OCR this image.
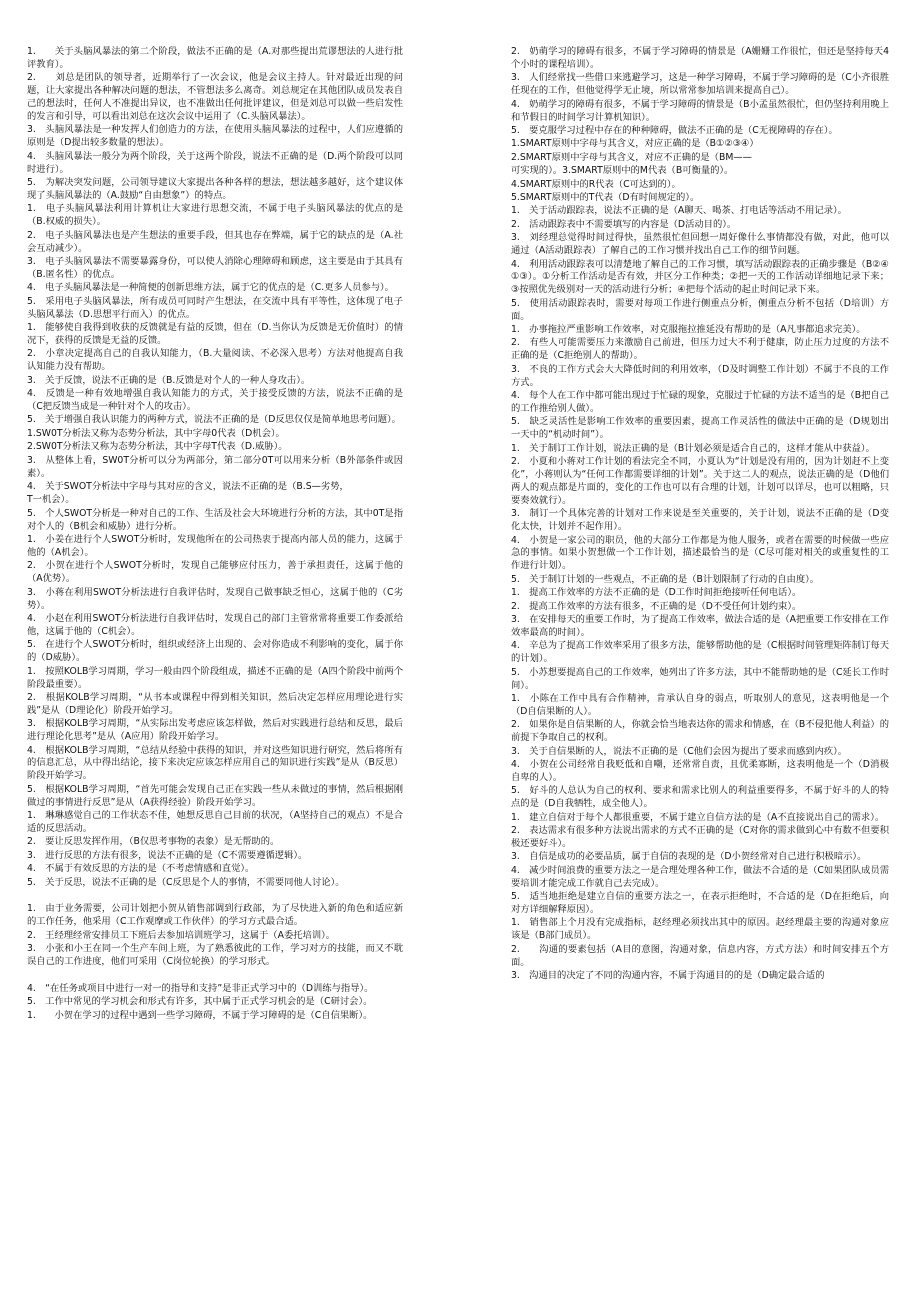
1.　　关于头脑风暴法的第二个阶段，做法不正确的是（A.对那些提出荒谬想法的人进行批评教育）。

2.　　刘总是团队的领导者，近期举行了一次会议，他是会议主持人。针对最近出现的问题，让大家提出各种解决问题的想法，不管想法多么离奇。刘总规定在其他团队成员发表自己的想法时，任何人不准提出异议，也不准做出任何批评建议，但是刘总可以做一些启发性的发言和引导，可以看出刘总在这次会议中运用了（C.头脑风暴法）。

3.　头脑风暴法是一种发挥人们创造力的方法，在使用头脑风暴法的过程中，人们应遵循的原则是（D提出较多数量的想法）。

4.　头脑风暴法一般分为两个阶段，关于这两个阶段，说法不正确的是（D.两个阶段可以同时进行）。

5.　为解决突发问题，公司领导建议大家提出各种各样的想法，想法越多越好，这个建议体现了头脑风暴法的（A.鼓励“自由想象”）的特点。

1.　电子头脑风暴法利用计算机让大家进行思想交流，不属于电子头脑风暴法的优点的是（B.权威的损失）。

2.　电子头脑风暴法也是产生想法的重要手段，但其也存在弊端，属于它的缺点的是（A.社会互动减少）。

3.　电子头脑风暴法不需要暴露身份，可以使人消除心理障碍和顾虑，这主要是由于其具有（B.匿名性）的优点。

4.　电子头脑风暴法是一种简便的创新思维方法，属于它的优点的是（C.更多人员参与）。

5.　采用电子头脑风暴法，所有成员可同时产生想法，在交流中具有平等性，这体现了电子头脑风暴法（D.思想平行而入）的优点。

1.　能够使自我得到收获的反馈就是有益的反馈，但在（D.当你认为反馈是无价值时）的情况下，获得的反馈是无益的反馈。

2.　小章决定提高自己的自我认知能力，（B.大量阅读、不必深入思考）方法对他提高自我认知能力没有帮助。

3.　关于反馈，说法不正确的是（B.反馈是对个人的一种人身攻击）。

4.　反馈是一种有效地增强自我认知能力的方式，关于接受反馈的方法，说法不正确的是（C把反馈当成是一种针对个人的攻击）。

5.　关于增强自我认识能力的两种方式，说法不正确的是（D反思仅仅是简单地思考问题）。

1.SW0T分析法又称为态势分析法，其中字母0代表（D机会）。

2.SW0T分析法又称为态势分析法，其中字母T代表（D.威胁）。

3.　从整体上看，SW0T分析可以分为两部分，第二部分0T可以用来分析（B外部条件或因素）。

4.　关于SWOT分析法中字母与其对应的含义，说法不正确的是（B.S—劣势，

T一机会）。

5.　个人SWOT分析是一种对自己的工作、生活及社会大环境进行分析的方法，其中0T是指对个人的（B机会和威胁）进行分析。

1.　小姜在进行个人SWOT分析时，发现他所在的公司热衷于提高内部人员的能力，这属于他的（A机会）。

2.　小贺在进行个人SWOT分析时，发现自己能够应付压力，善于承担责任，这属于他的（A优势）。

3.　小蒋在利用SWOT分析法进行自我评估时，发现自己做事缺乏恒心，这属于他的（C劣势）。

4.　小赵在利用SWOT分析法进行自我评估时，发现自己的部门主管常常将重要工作委派给他，这属于他的（C机会）。

5.　在进行个人SWOT分析时，组织或经济上出现的、会对你造成不利影响的变化，属于你的（D威胁）。

1.　按照KOLB学习周期，学习一般由四个阶段组成，描述不正确的是（A四个阶段中前两个阶段最重要）。

2.　根据KOLB学习周期，“从书本或课程中得到相关知识，然后决定怎样应用理论进行实践”是从（D理论化）阶段开始学习。

3.　根据KOLB学习周期，“从实际出发考虑应该怎样做，然后对实践进行总结和反思，最后进行理论化思考”是从（A应用）阶段开始学习。

4.　根据KOLB学习周期，“总结从经验中获得的知识，并对这些知识进行研究，然后将所有的信息汇总，从中得出结论，接下来决定应该怎样应用自己的知识进行实践”是从（B反思）阶段开始学习。

5.　根据KOLB学习周期，“首先可能会发现自己正在实践一些从未做过的事情，然后根据刚做过的事情进行反思”是从（A获得经验）阶段开始学习。

1.　琳琳感觉自己的工作状态不佳，她想反思自己目前的状况，（A坚持自己的观点）不是合适的反思活动。

2.　要让反思发挥作用，（B仅思考事物的表象）是无帮助的。

3.　进行反思的方法有很多，说法不正确的是（C不需要遵循逻辑）。

4.　不属于有效反思的方法的是（不考虑情感和直觉）。

5.　关于反思，说法不正确的是（C反思是个人的事情，不需要同他人讨论）。

1.　由于业务需要，公司计划把小贺从销售部调到行政部，为了尽快进入新的角色和适应新的工作任务，他采用（C工作观摩或工作伙伴）的学习方式最合适。

2.　王经理经常安排员工下班后去参加培训班学习，这属于（A委托培训）。

3.　小张和小王在同一个生产车间上班，为了熟悉彼此的工作，学习对方的技能，而又不耽误自己的工作进度，他们可采用（C岗位轮换）的学习形式。

4.　“在任务或项目中进行一对一的指导和支持”是非正式学习中的（D训练与指导）。

5.　工作中常见的学习机会和形式有许多，其中属于正式学习机会的是（C研讨会）。

1.　　小贺在学习的过程中遇到一些学习障碍，不属于学习障碍的是（C自信果断）。

2.　奶萌学习的障碍有很多，不属于学习障碍的情景是（A姗姗工作很忙，但还是坚持每天4个小时的课程培训）。

3.　人们经常找一些借口来逃避学习，这是一种学习障碍，不属于学习障碍的是（C小齐很胜任现在的工作，但他觉得学无止境，所以常常参加培训来提高自己）。

4.　奶萌学习的障碍有很多，不属于学习障碍的情景是（B小孟虽然很忙，但仍坚持利用晚上和节假日的时间学习计算机知识）。

5.　要克服学习过程中存在的种种障碍，做法不正确的是（C无视障碍的存在）。

1.SMART原则中字母与其含义，对应正确的是（B①②③④）

2.SMART原则中字母与其含义，对应不正确的是（BM——

可实现的）。3.SMART原则中的M代表（B可衡量的）。

4.SMART原则中的R代表（C可达到的）。

5.SMART原则中的T代表（D有时间规定的）。

1.　关于活动跟踪表，说法不正确的是（A聊天、喝茶、打电话等活动不用记录）。

2.　活动跟踪表中不需要填写的内容是（D活动目的）。

3.　刘经理总觉得时间过得快，虽然很忙但回想一周好像什么事情都没有做，对此，他可以通过（A活动跟踪表）了解自己的工作习惯并找出自己工作的细节问题。

4.　利用活动跟踪表可以清楚地了解自己的工作习惯，填写活动跟踪表的正确步骤是（B②④①③）。①分析工作活动是否有效，并区分工作种类；②把一天的工作活动详细地记录下来；③按照优先级别对一天的活动进行分析；④把每个活动的起止时间记录下来。

5.　使用活动跟踪表时，需要对每项工作进行侧重点分析，侧重点分析不包括（D培训）方面。

1.　办事拖拉严重影响工作效率，对克服拖拉推延没有帮助的是（A凡事都追求完美）。

2.　有些人可能需要压力来激励自己前进，但压力过大不利于健康，防止压力过度的方法不正确的是（C拒绝别人的帮助）。

3.　不良的工作方式会大大降低时间的利用效率，（D及时调整工作计划）不属于不良的工作方式。

4.　每个人在工作中都可能出现过于忙碌的现象，克服过于忙碌的方法不适当的是（B把自己的工作推给别人做）。

5.　缺乏灵活性是影响工作效率的重要因素，提高工作灵活性的做法中正确的是（D规划出一天中的“机动时间”）。

1.　关于制订工作计划，说法正确的是（B计划必须是适合自己的，这样才能从中获益）。

2.　小夏和小蒋对工作计划的看法完全不同，小夏认为“计划是没有用的，因为计划赶不上变化”，小蒋则认为“任何工作都需要详细的计划”。关于这二人的观点，说法正确的是（D他们两人的观点都是片面的，变化的工作也可以有合理的计划，计划可以详尽，也可以粗略，只要奏效就行）。

3.　制订一个具体完善的计划对工作来说是至关重要的，关于计划，说法不正确的是（D变化太快，计划并不起作用）。

4.　小贺是一家公司的职员，他的大部分工作都是为他人服务，或者在需要的时候做一些应急的事情。如果小贺想做一个工作计划，描述最恰当的是（C尽可能对相关的或重复性的工作进行计划）。

5.　关于制订计划的一些观点，不正确的是（B计划限制了行动的自由度）。

1.　提高工作效率的方法不正确的是（D工作时间拒绝接听任何电话）。

2.　提高工作效率的方法有很多，不正确的是（D不受任何计划约束）。

3.　在安排每天的重要工作时，为了提高工作效率，做法合适的是（A把重要工作安排在工作效率最高的时间）。

4.　辛总为了提高工作效率采用了很多方法，能够帮助他的是（C根据时间管理矩阵制订每天的计划）。

5.　小苏想要提高自己的工作效率，她列出了许多方法，其中不能帮助她的是（C延长工作时间）。

1.　小陈在工作中具有合作精神，肯承认自身的弱点，听取别人的意见，这表明他是一个（D自信果断的人）。

2.　如果你是自信果断的人，你就会恰当地表达你的需求和情感，在（B不侵犯他人利益）的前提下争取自己的权利。

3.　关于自信果断的人，说法不正确的是（C他们会因为提出了要求而感到内疚）。

4.　小贺在公司经常自我贬低和自嘲，还常常自责，且优柔寡断，这表明他是一个（D消极自卑的人）。

5.　好斗的人总认为自己的权利、要求和需求比别人的利益重要得多，不属于好斗的人的特点的是（D自我牺牲，成全他人）。

1.　建立自信对于每个人都很重要，不属于建立自信方法的是（A不直接说出自己的需求）。

2.　表达需求有很多种方法说出需求的方式不正确的是（C对你的需求做到心中有数不但要积极还要好斗）。

3.　自信是成功的必要品质，属于自信的表现的是（D小贺经常对自己进行积极暗示）。

4.　减少时间浪费的重要方法之一是合理处理各种工作，做法不合适的是（C如果团队成员需要培训才能完成工作就自己去完成）。

5.　适当地拒绝是建立自信的重要方法之一，在表示拒绝时，不合适的是（D在拒绝后，向对方详细解释原因）。

1.　销售部上个月没有完成指标，赵经理必须找出其中的原因。赵经理最主要的沟通对象应该是（B部门成员）。

2.　　沟通的要素包括（A目的意图，沟通对象，信息内容，方式方法）和时间安排五个方面。

3.　沟通目的决定了不同的沟通内容，不属于沟通目的的是（D确定最合适的
